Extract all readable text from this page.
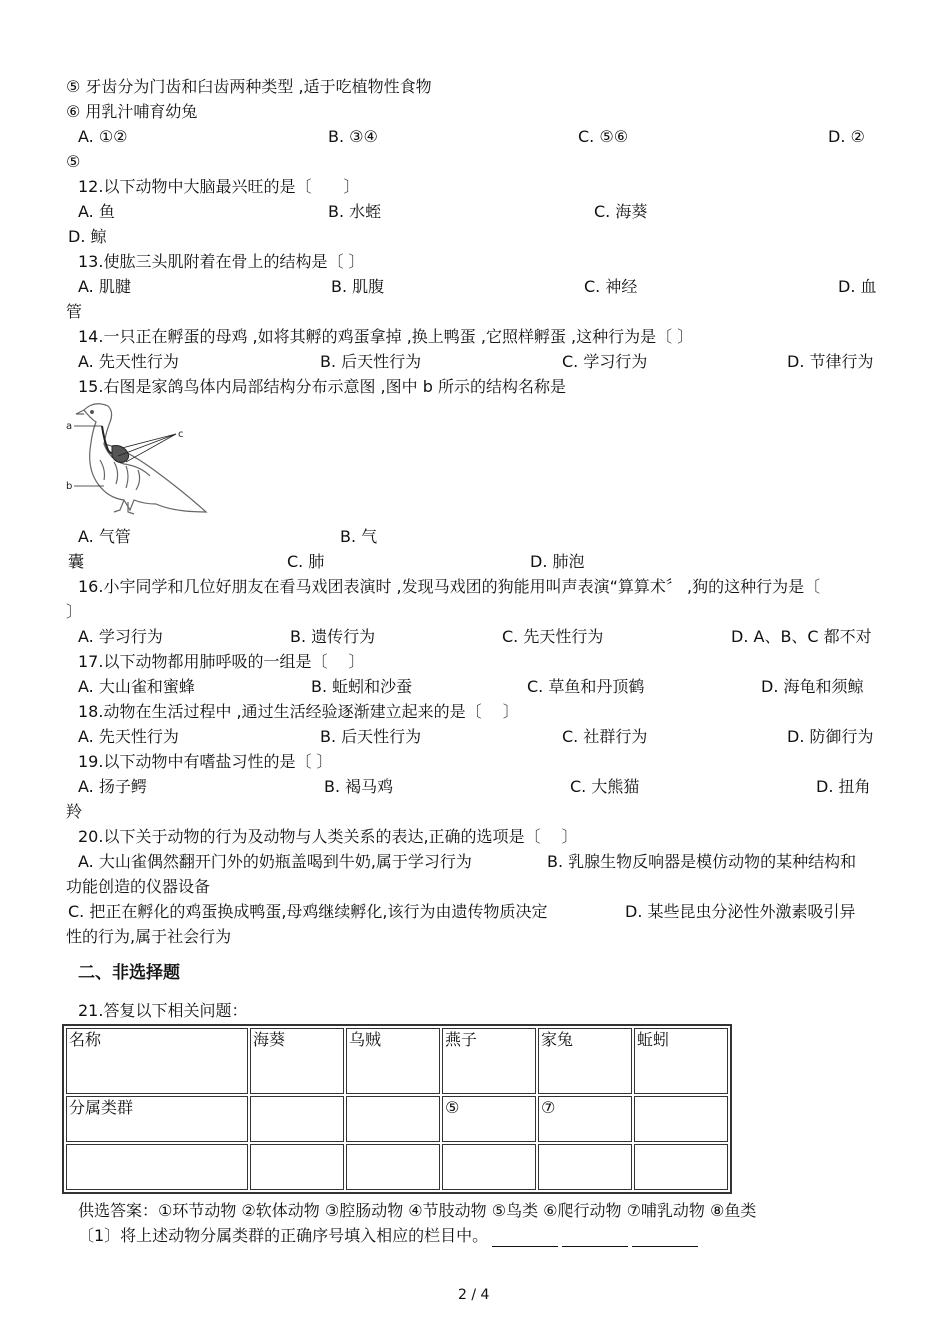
⑤ 牙齿分为门齿和臼齿两种类型 ,适于吃植物性食物
⑥ 用乳汁哺育幼兔
A. ①②	B. ③④	C. ⑤⑥	D. ②
⑤
12.以下动物中大脑最兴旺的是〔　　〕
A. 鱼	B. 水蛭	C. 海葵
D. 鲸
13.使肱三头肌附着在骨上的结构是〔 〕
A. 肌腱	B. 肌腹	C. 神经	D. 血
管
14.一只正在孵蛋的母鸡 ,如将其孵的鸡蛋拿掉 ,换上鸭蛋 ,它照样孵蛋 ,这种行为是〔 〕
A. 先天性行为	B. 后天性行为	C. 学习行为	D. 节律行为
15.右图是家鸽鸟体内局部结构分布示意图 ,图中 b 所示的结构名称是
a
b
c
A. 气管	B. 气
囊	C. 肺	D. 肺泡
16.小宇同学和几位好朋友在看马戏团表演时 ,发现马戏团的狗能用叫声表演“算算术〞 ,狗的这种行为是〔
〕
A. 学习行为	B. 遗传行为	C. 先天性行为	D. A、B、C 都不对
17.以下动物都用肺呼吸的一组是〔　 〕
A. 大山雀和蜜蜂	B. 蚯蚓和沙蚕	C. 草鱼和丹顶鹤	D. 海龟和须鲸
18.动物在生活过程中 ,通过生活经验逐渐建立起来的是〔　 〕
A. 先天性行为	B. 后天性行为	C. 社群行为	D. 防御行为
19.以下动物中有嗜盐习性的是〔 〕
A. 扬子鳄	B. 褐马鸡	C. 大熊猫	D. 扭角
羚
20.以下关于动物的行为及动物与人类关系的表达,正确的选项是〔　 〕
A. 大山雀偶然翻开门外的奶瓶盖喝到牛奶,属于学习行为	B. 乳腺生物反响器是模仿动物的某种结构和
功能创造的仪器设备
C. 把正在孵化的鸡蛋换成鸭蛋,母鸡继续孵化,该行为由遗传物质决定	D. 某些昆虫分泌性外激素吸引异
性的行为,属于社会行为
二、非选择题
21.答复以下相关问题：
名称	海葵	乌贼	燕子	家兔	蚯蚓
分属类群			⑤	⑦	

供选答案：①环节动物 ②软体动物 ③腔肠动物 ④节肢动物 ⑤鸟类 ⑥爬行动物 ⑦哺乳动物 ⑧鱼类
〔1〕将上述动物分属类群的正确序号填入相应的栏目中。
2 / 4
